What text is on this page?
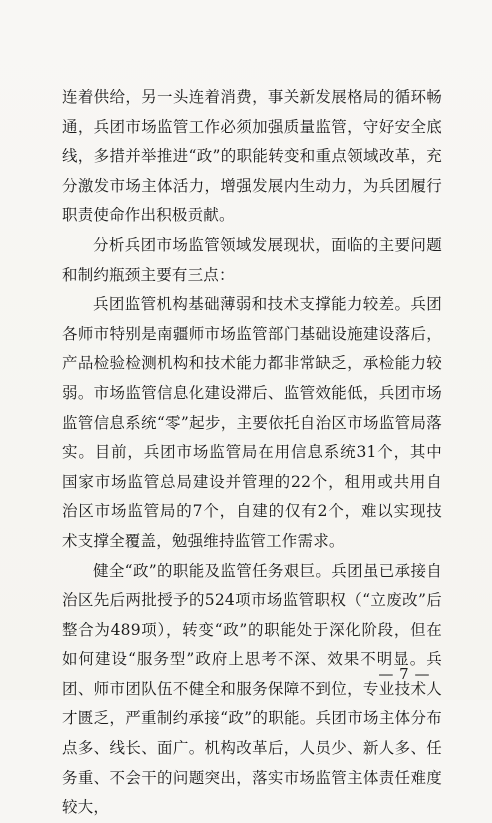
连着供给，另一头连着消费，事关新发展格局的循环畅通，兵团市场监管工作必须加强质量监管，守好安全底线，多措并举推进“政”的职能转变和重点领域改革，充分激发市场主体活力，增强发展内生动力，为兵团履行职责使命作出积极贡献。

分析兵团市场监管领域发展现状，面临的主要问题和制约瓶颈主要有三点：

兵团监管机构基础薄弱和技术支撑能力较差。兵团各师市特别是南疆师市场监管部门基础设施建设落后，产品检验检测机构和技术能力都非常缺乏，承检能力较弱。市场监管信息化建设滞后、监管效能低，兵团市场监管信息系统“零”起步，主要依托自治区市场监管局落实。目前，兵团市场监管局在用信息系统31个，其中国家市场监管总局建设并管理的22个，租用或共用自治区市场监管局的7个，自建的仅有2个，难以实现技术支撑全覆盖，勉强维持监管工作需求。

健全“政”的职能及监管任务艰巨。兵团虽已承接自治区先后两批授予的524项市场监管职权（“立废改”后整合为489项），转变“政”的职能处于深化阶段，但在如何建设“服务型”政府上思考不深、效果不明显。兵团、师市团队伍不健全和服务保障不到位，专业技术人才匮乏，严重制约承接“政”的职能。兵团市场主体分布点多、线长、面广。机构改革后，人员少、新人多、任务重、不会干的问题突出，落实市场监管主体责任难度较大，

— 7 —
